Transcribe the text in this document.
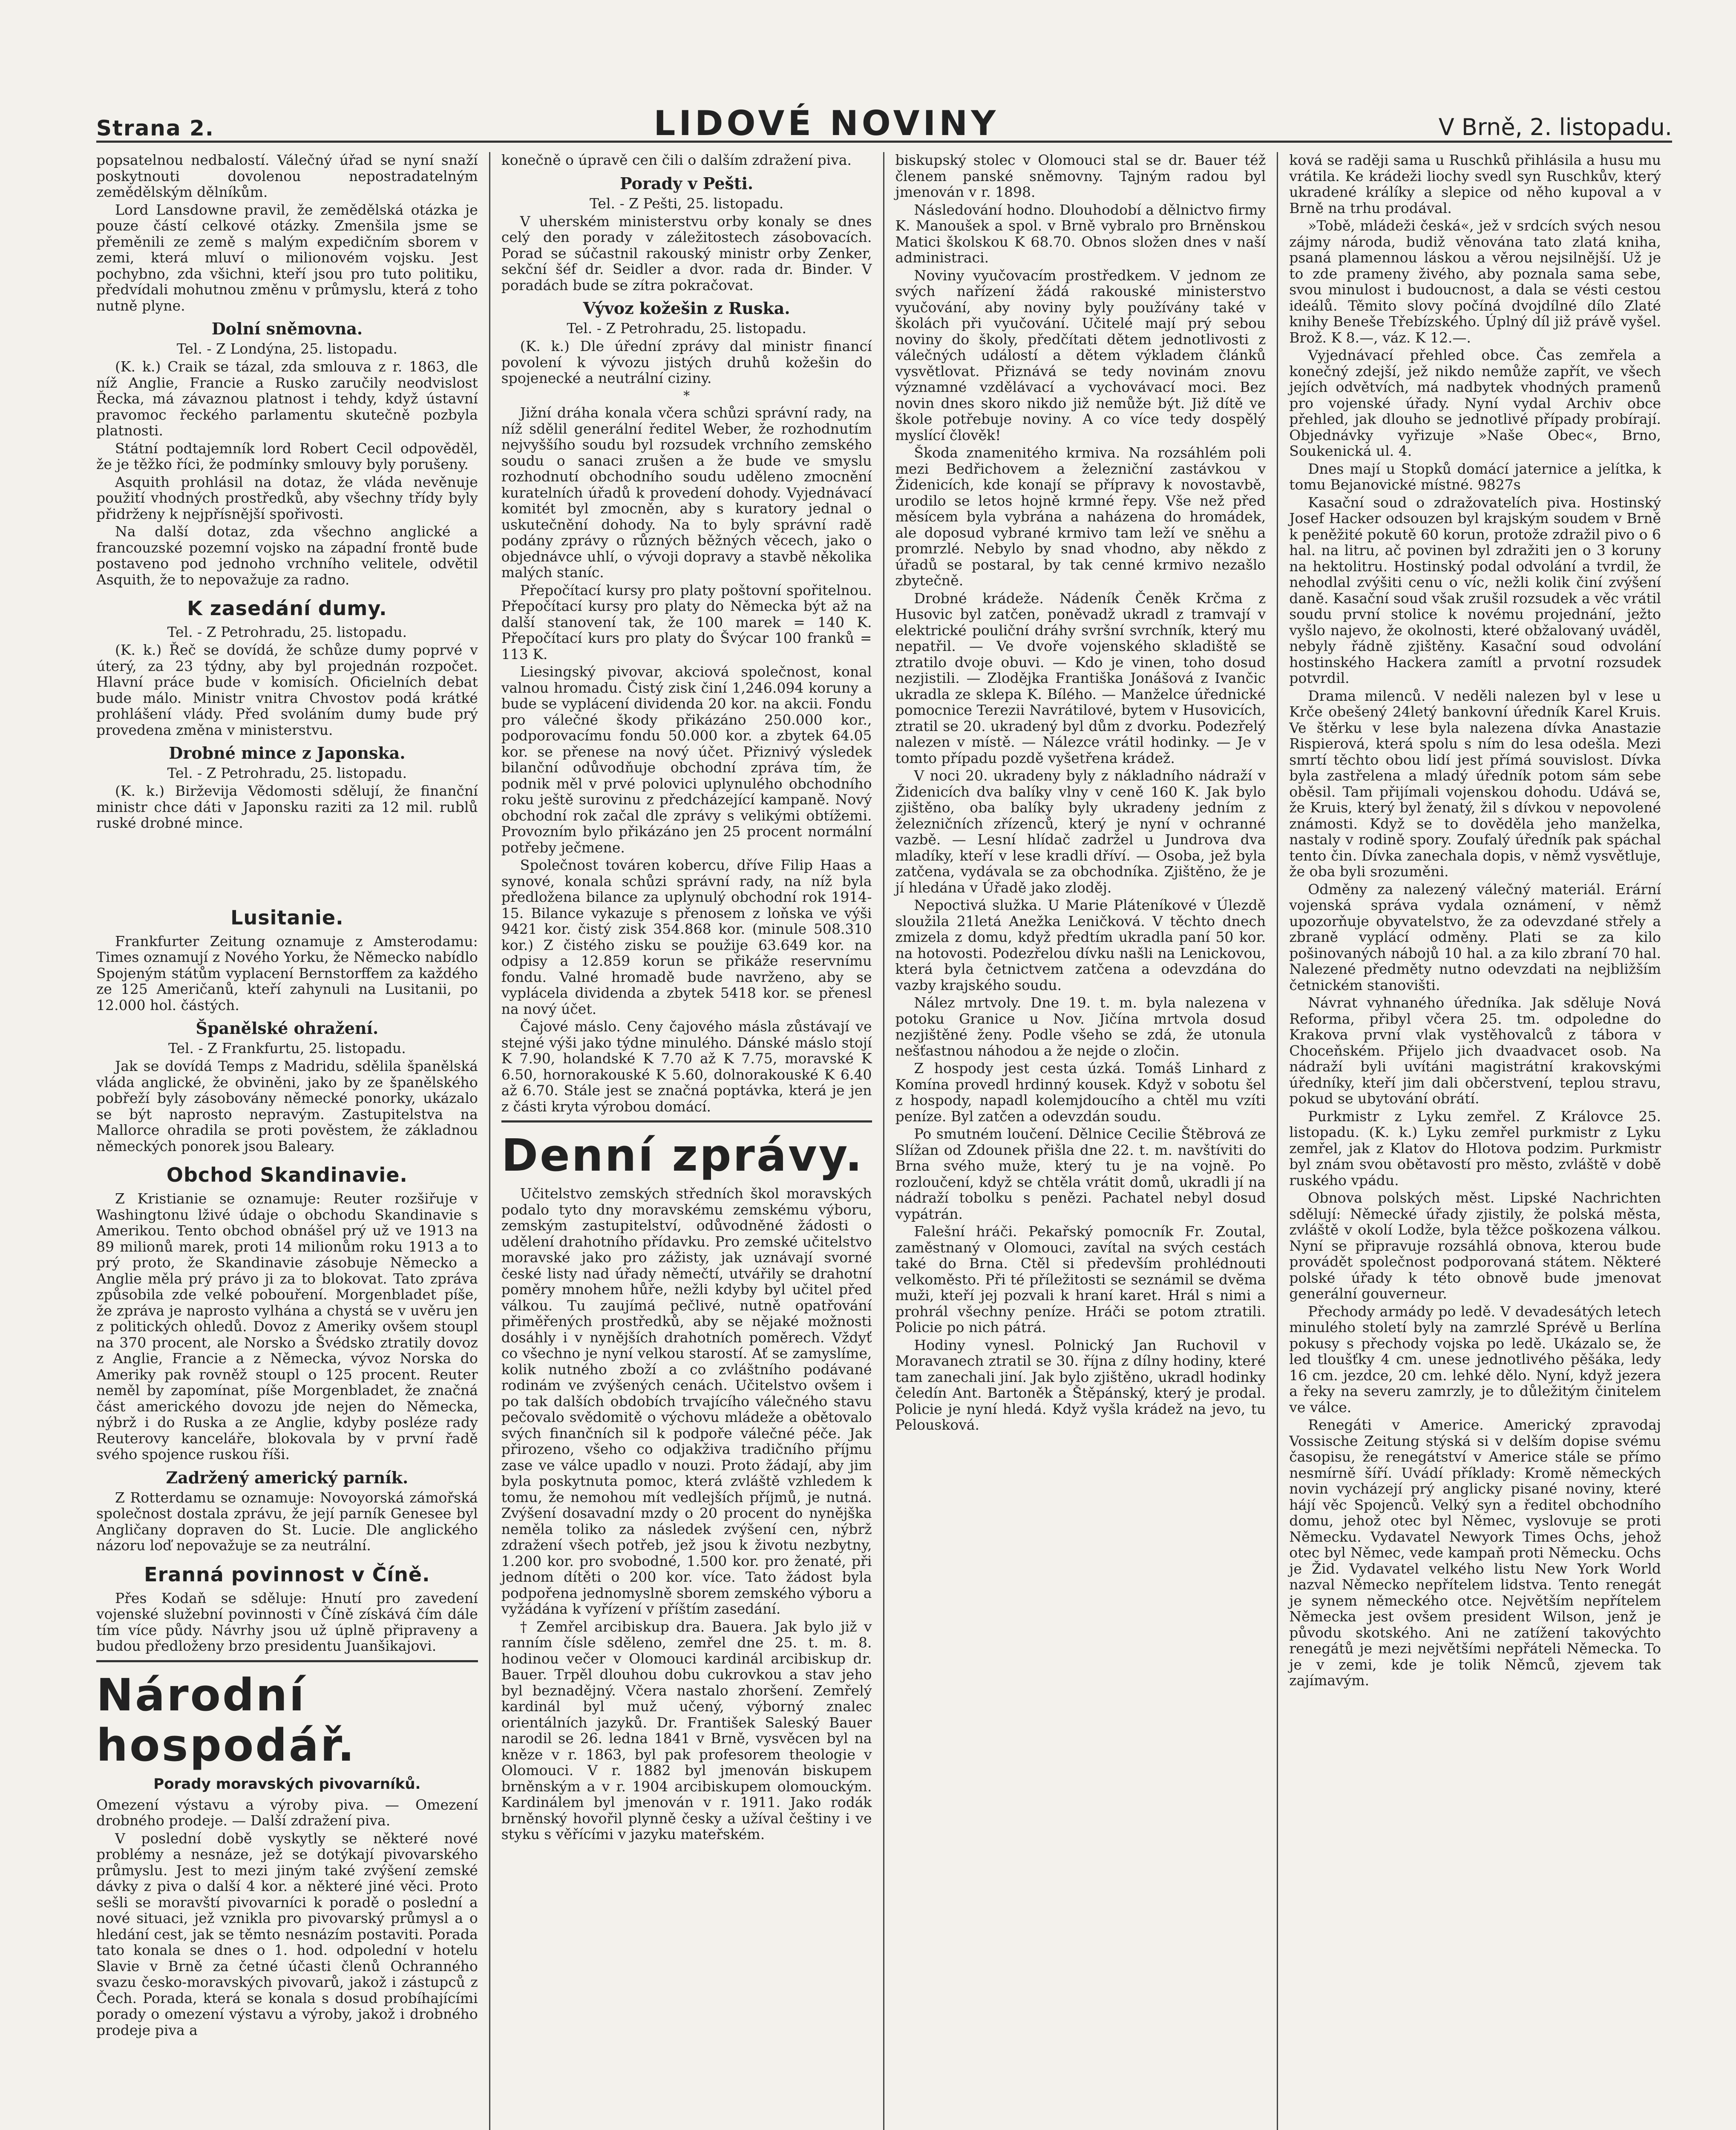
Strana 2.	LIDOVÉ NOVINY	V Brně, 2. listopadu.

popsatelnou nedbalostí. Válečný úřad se nyní snaží poskytnouti dovolenou nepostradatelným zemědělským dělníkům.

Lord Lansdowne pravil, že zemědělská otázka je pouze částí celkové otázky. Zmenšila jsme se přeměnili ze země s malým expedičním sborem v zemi, která mluví o milionovém vojsku. Jest pochybno, zda všichni, kteří jsou pro tuto politiku, předvídali mohutnou změnu v průmyslu, která z toho nutně plyne.

Dolní sněmovna.

Tel. - Z Londýna, 25. listopadu.

(K. k.) Craik se tázal, zda smlouva z r. 1863, dle níž Anglie, Francie a Rusko zaručily neodvislost Řecka, má závaznou platnost i tehdy, když ústavní pravomoc řeckého parlamentu skutečně pozbyla platnosti.

Státní podtajemník lord Robert Cecil odpověděl, že je těžko říci, že podmínky smlouvy byly porušeny.

Asquith prohlásil na dotaz, že vláda nevěnuje použití vhodných prostředků, aby všechny třídy byly přidrženy k nejpřísnější spořivosti.

Na další dotaz, zda všechno anglické a francouzské pozemní vojsko na západní frontě bude postaveno pod jednoho vrchního velitele, odvětil Asquith, že to nepovažuje za radno.

K zasedání dumy.

Tel. - Z Petrohradu, 25. listopadu.

(K. k.) Řeč se dovídá, že schůze dumy poprvé v úterý, za 23 týdny, aby byl projednán rozpočet. Hlavní práce bude v komisích. Oficielních debat bude málo. Ministr vnitra Chvostov podá krátké prohlášení vlády. Před svoláním dumy bude prý provedena změna v ministerstvu.

Drobné mince z Japonska.

Tel. - Z Petrohradu, 25. listopadu.

(K. k.) Birževija Vědomosti sdělují, že finanční ministr chce dáti v Japonsku raziti za 12 mil. rublů ruské drobné mince.

Lusitanie.

Frankfurter Zeitung oznamuje z Amsterodamu: Times oznamují z Nového Yorku, že Německo nabídlo Spojeným státům vyplacení Bernstorffem za každého ze 125 Američanů, kteří zahynuli na Lusitanii, po 12.000 hol. částých.

Španělské ohražení.

Tel. - Z Frankfurtu, 25. listopadu.

Jak se dovídá Temps z Madridu, sdělila španělská vláda anglické, že obviněni, jako by ze španělského pobřeží byly zásobovány německé ponorky, ukázalo se být naprosto nepravým. Zastupitelstva na Mallorce ohradila se proti pověstem, že základnou německých ponorek jsou Baleary.

Obchod Skandinavie.

Z Kristianie se oznamuje: Reuter rozšiřuje v Washingtonu lživé údaje o obchodu Skandinavie s Amerikou. Tento obchod obnášel prý už ve 1913 na 89 milionů marek, proti 14 milionům roku 1913 a to prý proto, že Skandinavie zásobuje Německo a Anglie měla prý právo ji za to blokovat. Tato zpráva způsobila zde velké pobouření. Morgenbladet píše, že zpráva je naprosto vylhána a chystá se v uvěru jen z politických ohledů. Dovoz z Ameriky ovšem stoupl na 370 procent, ale Norsko a Švédsko ztratily dovoz z Anglie, Francie a z Německa, vývoz Norska do Ameriky pak rovněž stoupl o 125 procent. Reuter neměl by zapomínat, píše Morgenbladet, že značná část amerického dovozu jde nejen do Německa, nýbrž i do Ruska a ze Anglie, kdyby posléze rady Reuterovy kanceláře, blokovala by v první řadě svého spojence ruskou říši.

Zadržený americký parník.

Z Rotterdamu se oznamuje: Novoyorská zámořská společnost dostala zprávu, že její parník Genesee byl Angličany dopraven do St. Lucie. Dle anglického názoru loď nepovažuje se za neutrální.

Eranná povinnost v Číně.

Přes Kodaň se sděluje: Hnutí pro zavedení vojenské služební povinnosti v Číně získává čím dále tím více půdy. Návrhy jsou už úplně připraveny a budou předloženy brzo presidentu Juanšikajovi.

Národní hospodář.
Porady moravských pivovarníků.

Omezení výstavu a výroby piva. — Omezení drobného prodeje. — Další zdražení piva.

V poslední době vyskytly se některé nové problémy a nesnáze, jež se dotýkají pivovarského průmyslu. Jest to mezi jiným také zvýšení zemské dávky z piva o další 4 kor. a některé jiné věci. Proto sešli se moravští pivovarníci k poradě o poslední a nové situaci, jež vznikla pro pivovarský průmysl a o hledání cest, jak se těmto nesnázím postaviti. Porada tato konala se dnes o 1. hod. odpolední v hotelu Slavie v Brně za četné účasti členů Ochranného svazu česko-moravských pivovarů, jakož i zástupců z Čech. Porada, která se konala s dosud probíhajícími porady o omezení výstavu a výroby, jakož i drobného prodeje piva a

konečně o úpravě cen čili o dalším zdražení piva.

Porady v Pešti.

Tel. - Z Pešti, 25. listopadu.

V uherském ministerstvu orby konaly se dnes celý den porady v záležitostech zásobovacích. Porad se súčastnil rakouský ministr orby Zenker, sekční šéf dr. Seidler a dvor. rada dr. Binder. V poradách bude se zítra pokračovat.

Vývoz kožešin z Ruska.

Tel. - Z Petrohradu, 25. listopadu.

(K. k.) Dle úřední zprávy dal ministr financí povolení k vývozu jistých druhů kožešin do spojenecké a neutrální ciziny.

*

Jižní dráha konala včera schůzi správní rady, na níž sdělil generální ředitel Weber, že rozhodnutím nejvyššího soudu byl rozsudek vrchního zemského soudu o sanaci zrušen a že bude ve smyslu rozhodnutí obchodního soudu uděleno zmocnění kuratelních úřadů k provedení dohody. Vyjednávací komitét byl zmocněn, aby s kuratory jednal o uskutečnění dohody. Na to byly správní radě podány zprávy o různých běžných věcech, jako o objednávce uhlí, o vývoji dopravy a stavbě několika malých staníc.

Přepočítací kursy pro platy poštovní spořitelnou. Přepočítací kursy pro platy do Německa být až na další stanovení tak, že 100 marek = 140 K. Přepočítací kurs pro platy do Švýcar 100 franků = 113 K.

Liesingský pivovar, akciová společnost, konal valnou hromadu. Čistý zisk činí 1,246.094 koruny a bude se vyplácení dividenda 20 kor. na akcii. Fondu pro válečné škody přikázáno 250.000 kor., podporovacímu fondu 50.000 kor. a zbytek 64.05 kor. se přenese na nový účet. Přiznivý výsledek bilanční odůvodňuje obchodní zpráva tím, že podnik měl v prvé polovici uplynulého obchodního roku ještě surovinu z předcházející kampaně. Nový obchodní rok začal dle zprávy s velikými obtížemi. Provozním bylo přikázáno jen 25 procent normální potřeby ječmene.

Společnost továren kobercu, dříve Filip Haas a synové, konala schůzi správní rady, na níž byla předložena bilance za uplynulý obchodní rok 1914-15. Bilance vykazuje s přenosem z loňska ve výši 9421 kor. čistý zisk 354.868 kor. (minule 508.310 kor.) Z čistého zisku se použije 63.649 kor. na odpisy a 12.859 korun se přikáže reservnímu fondu. Valné hromadě bude navrženo, aby se vyplácela dividenda a zbytek 5418 kor. se přenesl na nový účet.

Čajové máslo. Ceny čajového másla zůstávají ve stejné výši jako týdne minulého. Dánské máslo stojí K 7.90, holandské K 7.70 až K 7.75, moravské K 6.50, hornorakouské K 5.60, dolnorakouské K 6.40 až 6.70. Stále jest se značná poptávka, která je jen z části kryta výrobou domácí.

Denní zprávy.

Učitelstvo zemských středních škol moravských podalo tyto dny moravskému zemskému výboru, zemským zastupitelství, odůvodněné žádosti o udělení drahotního přídavku. Pro zemské učitelstvo moravské jako pro zážisty, jak uznávají svorné české listy nad úřady němečtí, utvářily se drahotní poměry mnohem hůře, nežli kdyby byl učitel před válkou. Tu zaujímá pečlivé, nutně opatřování přiměřených prostředků, aby se nějaké možnosti dosáhly i v nynějších drahotních poměrech. Vždyť co všechno je nyní velkou starostí. Ať se zamyslíme, kolik nutného zboží a co zvláštního podávané rodinám ve zvýšených cenách. Učitelstvo ovšem i po tak dalších obdobích trvajícího válečného stavu pečovalo svědomitě o výchovu mládeže a obětovalo svých finančních sil k podpoře válečné péče. Jak přirozeno, všeho co odjakživa tradičního příjmu zase ve válce upadlo v nouzi. Proto žádají, aby jim byla poskytnuta pomoc, která zvláště vzhledem k tomu, že nemohou mít vedlejších příjmů, je nutná. Zvýšení dosavadní mzdy o 20 procent do nynějška neměla toliko za následek zvýšení cen, nýbrž zdražení všech potřeb, jež jsou k životu nezbytny, 1.200 kor. pro svobodné, 1.500 kor. pro ženaté, při jednom dítěti o 200 kor. více. Tato žádost byla podpořena jednomyslně sborem zemského výboru a vyžádána k vyřízení v příštím zasedání.

† Zemřel arcibiskup dra. Bauera. Jak bylo již v ranním čísle sděleno, zemřel dne 25. t. m. 8. hodinou večer v Olomouci kardinál arcibiskup dr. Bauer. Trpěl dlouhou dobu cukrovkou a stav jeho byl beznadějný. Včera nastalo zhoršení. Zemřelý kardinál byl muž učený, výborný znalec orientálních jazyků. Dr. František Saleský Bauer narodil se 26. ledna 1841 v Brně, vysvěcen byl na kněze v r. 1863, byl pak profesorem theologie v Olomouci. V r. 1882 byl jmenován biskupem brněnským a v r. 1904 arcibiskupem olomouckým. Kardinálem byl jmenován v r. 1911. Jako rodák brněnský hovořil plynně česky a užíval češtiny i ve styku s věřícími v jazyku mateřském.

biskupský stolec v Olomouci stal se dr. Bauer též členem panské sněmovny. Tajným radou byl jmenován v r. 1898.

Následování hodno. Dlouhodobí a dělnictvo firmy K. Manoušek a spol. v Brně vybralo pro Brněnskou Matici školskou K 68.70. Obnos složen dnes v naší administraci.

Noviny vyučovacím prostředkem. V jednom ze svých nařízení žádá rakouské ministerstvo vyučování, aby noviny byly používány také v školách při vyučování. Učitelé mají prý sebou noviny do školy, předčítati dětem jednotlivosti z válečných událostí a dětem výkladem článků vysvětlovat. Přiznává se tedy novinám znovu významné vzdělávací a vychovávací moci. Bez novin dnes skoro nikdo již nemůže být. Již dítě ve škole potřebuje noviny. A co více tedy dospělý myslící člověk!

Škoda znamenitého krmiva. Na rozsáhlém poli mezi Bedřichovem a železniční zastávkou v Židenicích, kde konají se přípravy k novostavbě, urodilo se letos hojně krmné řepy. Vše než před měsícem byla vybrána a naházena do hromádek, ale doposud vybrané krmivo tam leží ve sněhu a promrzlé. Nebylo by snad vhodno, aby někdo z úřadů se postaral, by tak cenné krmivo nezašlo zbytečně.

Drobné krádeže. Nádeník Čeněk Krčma z Husovic byl zatčen, poněvadž ukradl z tramvají v elektrické pouliční dráhy svršní svrchník, který mu nepatřil. — Ve dvoře vojenského skladiště se ztratilo dvoje obuvi. — Kdo je vinen, toho dosud nezjistili. — Zlodějka Františka Jonášová z Ivančic ukradla ze sklepa K. Bílého. — Manželce úřednické pomocnice Terezii Navrátilové, bytem v Husovicích, ztratil se 20. ukradený byl dům z dvorku. Podezřelý nalezen v místě. — Nálezce vrátil hodinky. — Je v tomto případu pozdě vyšetřena krádež.

V noci 20. ukradeny byly z nákladního nádraží v Židenicích dva balíky vlny v ceně 160 K. Jak bylo zjištěno, oba balíky byly ukradeny jedním z železničních zřízenců, který je nyní v ochranné vazbě. — Lesní hlídač zadržel u Jundrova dva mladíky, kteří v lese kradli dříví. — Osoba, jež byla zatčena, vydávala se za obchodníka. Zjištěno, že je jí hledána v Úřadě jako zloděj.

Nepoctivá služka. U Marie Pláteníkové v Úlezdě sloužila 21letá Anežka Leničková. V těchto dnech zmizela z domu, když předtím ukradla paní 50 kor. na hotovosti. Podezřelou dívku našli na Lenickovou, která byla četnictvem zatčena a odevzdána do vazby krajského soudu.

Nález mrtvoly. Dne 19. t. m. byla nalezena v potoku Granice u Nov. Jičína mrtvola dosud nezjištěné ženy. Podle všeho se zdá, že utonula nešťastnou náhodou a že nejde o zločin.

Z hospody jest cesta úzká. Tomáš Linhard z Komína provedl hrdinný kousek. Když v sobotu šel z hospody, napadl kolemjdoucího a chtěl mu vzíti peníze. Byl zatčen a odevzdán soudu.

Po smutném loučení. Dělnice Cecilie Štěbrová ze Slížan od Zdounek přišla dne 22. t. m. navštíviti do Brna svého muže, který tu je na vojně. Po rozloučení, když se chtěla vrátit domů, ukradli jí na nádraží tobolku s penězi. Pachatel nebyl dosud vypátrán.

Falešní hráči. Pekařský pomocník Fr. Zoutal, zaměstnaný v Olomouci, zavítal na svých cestách také do Brna. Ctěl si především prohlédnouti velkoměsto. Při té příležitosti se seznámil se dvěma muži, kteří jej pozvali k hraní karet. Hrál s nimi a prohrál všechny peníze. Hráči se potom ztratili. Policie po nich pátrá.

Hodiny vynesl. Polnický Jan Ruchovil v Moravanech ztratil se 30. října z dílny hodiny, které tam zanechali jiní. Jak bylo zjištěno, ukradl hodinky čeledín Ant. Bartoněk a Štěpánský, který je prodal. Policie je nyní hledá. Když vyšla krádež na jevo, tu Pelousková.

ková se raději sama u Ruschků přihlásila a husu mu vrátila. Ke krádeži liochy svedl syn Ruschkův, který ukradené králíky a slepice od něho kupoval a v Brně na trhu prodával.

»Tobě, mládeži česká«, jež v srdcích svých nesou zájmy národa, budiž věnována tato zlatá kniha, psaná plamennou láskou a věrou nejsilnější. Už je to zde prameny živého, aby poznala sama sebe, svou minulost i budoucnost, a dala se vésti cestou ideálů. Těmito slovy počíná dvojdílné dílo Zlaté knihy Beneše Třebízského. Úplný díl již právě vyšel. Brož. K 8.—, váz. K 12.—.

Vyjednávací přehled obce. Čas zemřela a konečný zdejší, jež nikdo nemůže zapřít, ve všech jejích odvětvích, má nadbytek vhodných pramenů pro vojenské úřady. Nyní vydal Archiv obce přehled, jak dlouho se jednotlivé případy probírají. Objednávky vyřizuje »Naše Obec«, Brno, Soukenická ul. 4.

Dnes mají u Stopků domácí jaternice a jelítka, k tomu Bejanovické místné. 9827s

Kasační soud o zdražovatelích piva. Hostinský Josef Hacker odsouzen byl krajským soudem v Brně k peněžité pokutě 60 korun, protože zdražil pivo o 6 hal. na litru, ač povinen byl zdražiti jen o 3 koruny na hektolitru. Hostinský podal odvolání a tvrdil, že nehodlal zvýšiti cenu o víc, nežli kolik činí zvýšení daně. Kasační soud však zrušil rozsudek a věc vrátil soudu první stolice k novému projednání, ježto vyšlo najevo, že okolnosti, které obžalovaný uváděl, nebyly řádně zjištěny. Kasační soud odvolání hostinského Hackera zamítl a prvotní rozsudek potvrdil.

Drama milenců. V neděli nalezen byl v lese u Krče obešený 24letý bankovní úředník Karel Kruis. Ve štěrku v lese byla nalezena dívka Anastazie Rispierová, která spolu s ním do lesa odešla. Mezi smrtí těchto obou lidí jest přímá souvislost. Dívka byla zastřelena a mladý úředník potom sám sebe oběsil. Tam přijímali vojenskou dohodu. Udává se, že Kruis, který byl ženatý, žil s dívkou v nepovolené známosti. Když se to dověděla jeho manželka, nastaly v rodině spory. Zoufalý úředník pak spáchal tento čin. Dívka zanechala dopis, v němž vysvětluje, že oba byli srozuměni.

Odměny za nalezený válečný materiál. Erární vojenská správa vydala oznámení, v němž upozorňuje obyvatelstvo, že za odevzdané střely a zbraně vyplácí odměny. Plati se za kilo pošinovaných nábojů 10 hal. a za kilo zbraní 70 hal. Nalezené předměty nutno odevzdati na nejbližším četnickém stanovišti.

Návrat vyhnaného úředníka. Jak sděluje Nová Reforma, přibyl včera 25. tm. odpoledne do Krakova první vlak vystěhovalců z tábora v Choceňském. Přijelo jich dvaadvacet osob. Na nádraží byli uvítáni magistrátní krakovskými úředníky, kteří jim dali občerstvení, teplou stravu, pokud se ubytování obrátí.

Purkmistr z Lyku zemřel. Z Královce 25. listopadu. (K. k.) Lyku zemřel purkmistr z Lyku zemřel, jak z Klatov do Hlotova podzim. Purkmistr byl znám svou obětavostí pro město, zvláště v době ruského vpádu.

Obnova polských měst. Lipské Nachrichten sdělují: Německé úřady zjistily, že polská města, zvláště v okolí Lodže, byla těžce poškozena válkou. Nyní se připravuje rozsáhlá obnova, kterou bude provádět společnost podporovaná státem. Některé polské úřady k této obnově bude jmenovat generální gouverneur.

Přechody armády po ledě. V devadesátých letech minulého století byly na zamrzlé Sprévě u Berlína pokusy s přechody vojska po ledě. Ukázalo se, že led tloušťky 4 cm. unese jednotlivého pěšáka, ledy 16 cm. jezdce, 20 cm. lehké dělo. Nyní, když jezera a řeky na severu zamrzly, je to důležitým činitelem ve válce.

Renegáti v Americe. Americký zpravodaj Vossische Zeitung stýská si v delším dopise svému časopisu, že renegátství v Americe stále se přímo nesmírně šíří. Uvádí příklady: Kromě německých novin vycházejí prý anglicky pisané noviny, které hájí věc Spojenců. Velký syn a ředitel obchodního domu, jehož otec byl Němec, vyslovuje se proti Německu. Vydavatel Newyork Times Ochs, jehož otec byl Němec, vede kampaň proti Německu. Ochs je Žid. Vydavatel velkého listu New York World nazval Německo nepřítelem lidstva. Tento renegát je synem německého otce. Největším nepřítelem Německa jest ovšem president Wilson, jenž je původu skotského. Ani ne zatížení takovýchto renegátů je mezi největšími nepřáteli Německa. To je v zemi, kde je tolik Němců, zjevem tak zajímavým.
